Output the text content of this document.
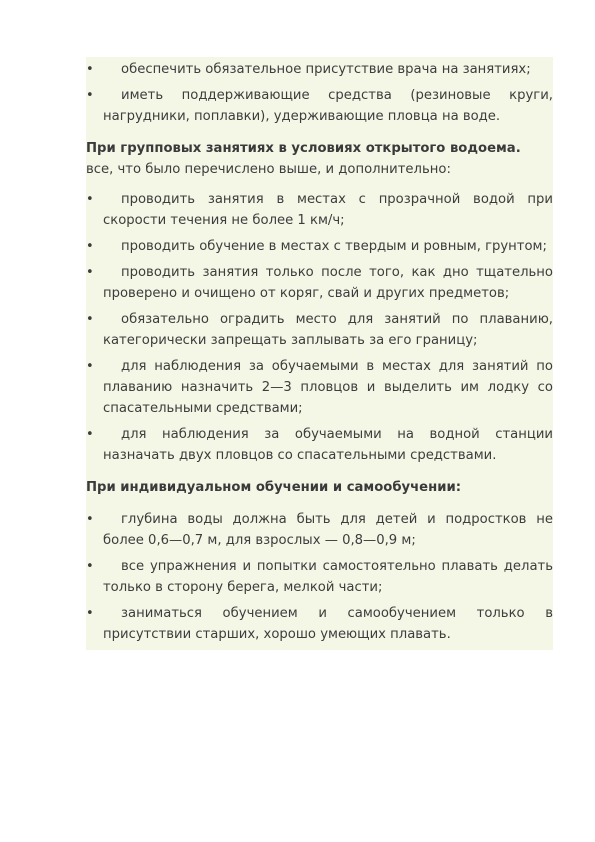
• обеспечить обязательное присутствие врача на занятиях;
• иметь поддерживающие средства (резиновые круги, нагрудники, поплавки), удерживающие пловца на воде.

При групповых занятиях в условиях открытого водоема.
все, что было перечислено выше, и дополнительно:

• проводить занятия в местах с прозрачной водой при скорости течения не более 1 км/ч;
• проводить обучение в местах с твердым и ровным, грунтом;
• проводить занятия только после того, как дно тщательно проверено и очищено от коряг, свай и других предметов;
• обязательно оградить место для занятий по плаванию, категорически запрещать заплывать за его границу;
• для наблюдения за обучаемыми в местах для занятий по плаванию назначить 2—3 пловцов и выделить им лодку со спасательными средствами;
• для наблюдения за обучаемыми на водной станции назначать двух пловцов со спасательными средствами.

При индивидуальном обучении и самообучении:

• глубина воды должна быть для детей и подростков не более 0,6—0,7 м, для взрослых — 0,8—0,9 м;
• все упражнения и попытки самостоятельно плавать делать только в сторону берега, мелкой части;
• заниматься обучением и самообучением только в присутствии старших, хорошо умеющих плавать.
